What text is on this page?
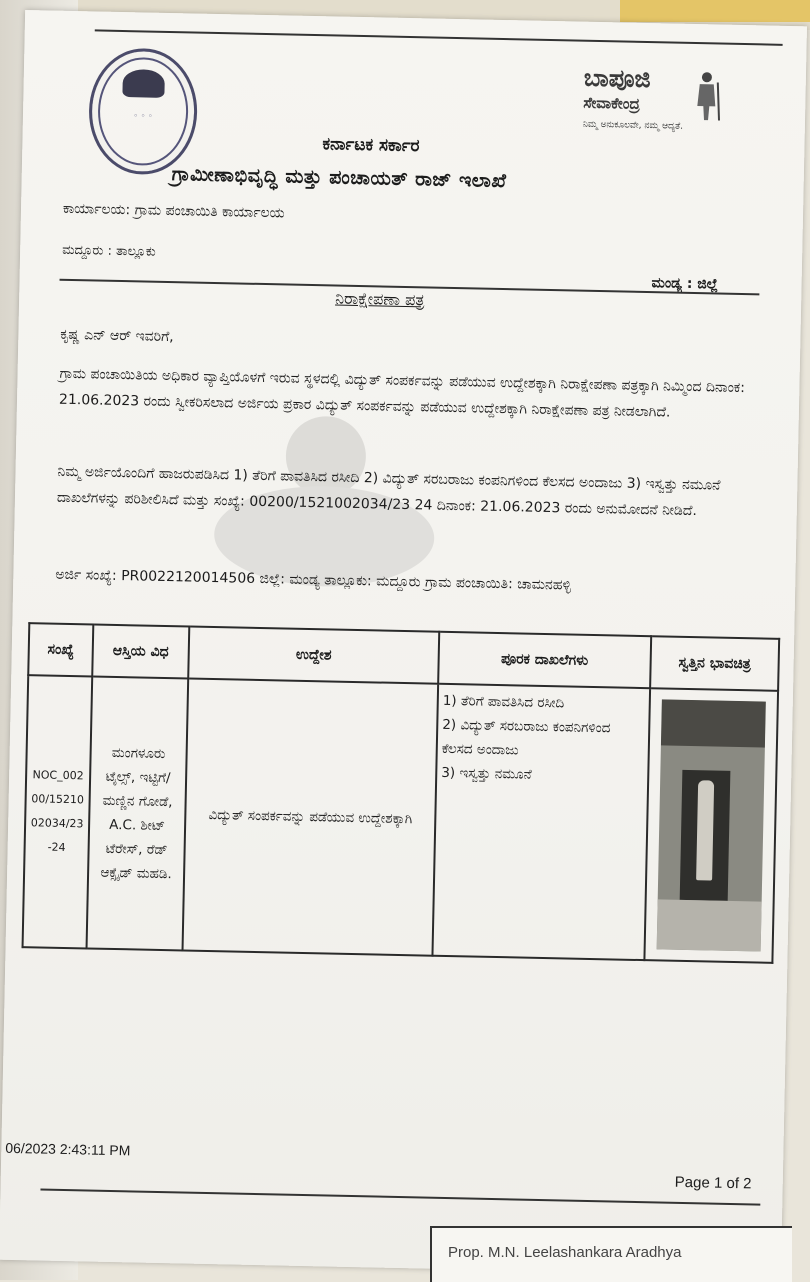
◦ ◦ ◦
ಬಾಪೂಜಿ
ಸೇವಾಕೇಂದ್ರ
ನಿಮ್ಮ ಅನುಕೂಲವೇ, ನಮ್ಮ ಆದ್ಯತೆ.
ಕರ್ನಾಟಕ ಸರ್ಕಾರ
ಗ್ರಾಮೀಣಾಭಿವೃದ್ಧಿ ಮತ್ತು ಪಂಚಾಯತ್ ರಾಜ್ ಇಲಾಖೆ
ಕಾರ್ಯಾಲಯ: ಗ್ರಾಮ ಪಂಚಾಯಿತಿ ಕಾರ್ಯಾಲಯ
ಮದ್ದೂರು : ತಾಲ್ಲೂಕು
ಮಂಡ್ಯ : ಜಿಲ್ಲೆ
ನಿರಾಕ್ಷೇಪಣಾ ಪತ್ರ
ಕೃಷ್ಣ ಎನ್ ಆರ್ ಇವರಿಗೆ,
ಗ್ರಾಮ ಪಂಚಾಯಿತಿಯ ಅಧಿಕಾರ ವ್ಯಾಪ್ತಿಯೊಳಗೆ ಇರುವ ಸ್ಥಳದಲ್ಲಿ ವಿದ್ಯುತ್ ಸಂಪರ್ಕವನ್ನು ಪಡೆಯುವ ಉದ್ದೇಶಕ್ಕಾಗಿ ನಿರಾಕ್ಷೇಪಣಾ ಪತ್ರಕ್ಕಾಗಿ ನಿಮ್ಮಿಂದ ದಿನಾಂಕ: 21.06.2023 ರಂದು ಸ್ವೀಕರಿಸಲಾದ ಅರ್ಜಿಯ ಪ್ರಕಾರ ವಿದ್ಯುತ್ ಸಂಪರ್ಕವನ್ನು ಪಡೆಯುವ ಉದ್ದೇಶಕ್ಕಾಗಿ ನಿರಾಕ್ಷೇಪಣಾ ಪತ್ರ ನೀಡಲಾಗಿದೆ.
ನಿಮ್ಮ ಅರ್ಜಿಯೊಂದಿಗೆ ಹಾಜರುಪಡಿಸಿದ 1) ತೆರಿಗೆ ಪಾವತಿಸಿದ ರಸೀದಿ 2) ವಿದ್ಯುತ್ ಸರಬರಾಜು ಕಂಪನಿಗಳಿಂದ ಕೆಲಸದ ಅಂದಾಜು 3) ಇಸ್ವತ್ತು ನಮೂನೆ ದಾಖಲೆಗಳನ್ನು ಪರಿಶೀಲಿಸಿದೆ ಮತ್ತು ಸಂಖ್ಯೆ: 00200/1521002034/23 24 ದಿನಾಂಕ: 21.06.2023 ರಂದು ಅನುಮೋದನೆ ನೀಡಿದೆ.
ಅರ್ಜಿ ಸಂಖ್ಯೆ: PR0022120014506 ಜಿಲ್ಲೆ: ಮಂಡ್ಯ ತಾಲ್ಲೂಕು: ಮದ್ದೂರು ಗ್ರಾಮ ಪಂಚಾಯಿತಿ: ಚಾಮನಹಳ್ಳಿ
ಸಂಖ್ಯೆ	ಆಸ್ತಿಯ ವಿಧ	ಉದ್ದೇಶ	ಪೂರಕ ದಾಖಲೆಗಳು	ಸ್ವತ್ತಿನ ಭಾವಚಿತ್ರ
NOC_00200/1521002034/23-24	ಮಂಗಳೂರು ಟೈಲ್ಸ್, ಇಟ್ಟಿಗೆ/ಮಣ್ಣಿನ ಗೋಡೆ, A.C. ಶೀಟ್ ಟೆರೇಸ್, ರೆಡ್ ಆಕ್ಸೈಡ್ ಮಹಡಿ.	ವಿದ್ಯುತ್ ಸಂಪರ್ಕವನ್ನು ಪಡೆಯುವ ಉದ್ದೇಶಕ್ಕಾಗಿ	1) ತೆರಿಗೆ ಪಾವತಿಸಿದ ರಸೀದಿ
2) ವಿದ್ಯುತ್ ಸರಬರಾಜು ಕಂಪನಿಗಳಿಂದ ಕೆಲಸದ ಅಂದಾಜು
3) ಇಸ್ವತ್ತು ನಮೂನೆ	

06/2023 2:43:11 PM
Page 1 of 2
Prop. M.N. Leelashankara Aradhya
